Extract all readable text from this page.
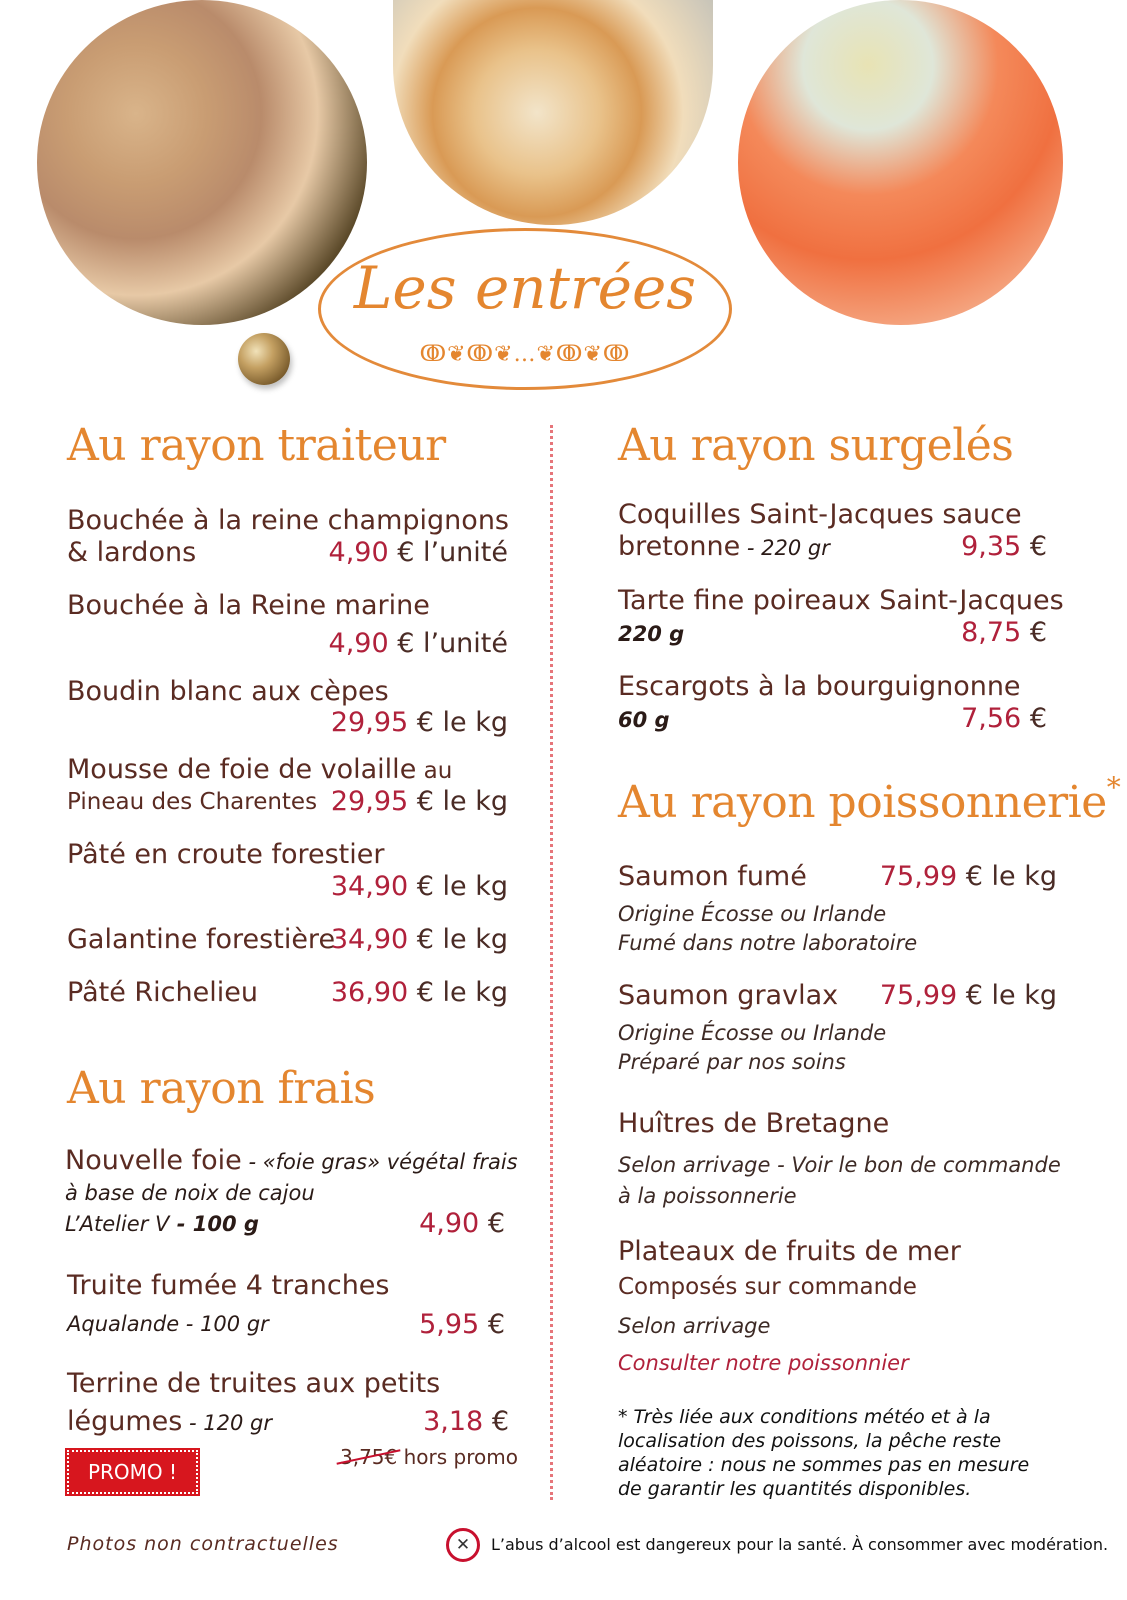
Les entrées
ↂ❦ↂ❦…❦ↂ❦ↂ
Au rayon traiteur
Bouchée à la reine champignons
& lardons	4,90 € l’unité
Bouchée à la Reine marine
4,90 € l’unité
Boudin blanc aux cèpes
29,95 € le kg
Mousse de foie de volaille au
Pineau des Charentes 29,95 € le kg
Pâté en croute forestier
34,90 € le kg
Galantine forestière
34,90 € le kg
Pâté Richelieu	36,90 € le kg
Au rayon frais
Nouvelle foie - «foie gras» végétal frais
à base de noix de cajou
L’Atelier V - 100 g	4,90 €
Truite fumée 4 tranches
Aqualande - 100 gr	5,95 €
Terrine de truites aux petits
légumes - 120 gr	3,18 €
3,75€ hors promo
PROMO !
Au rayon surgelés
Coquilles Saint-Jacques sauce
bretonne - 220 gr	9,35 €
Tarte fine poireaux Saint-Jacques
220 g	8,75 €
Escargots à la bourguignonne
60 g	7,56 €
Au rayon poissonnerie*
Saumon fumé	75,99 € le kg
Origine Écosse ou Irlande
Fumé dans notre laboratoire
Saumon gravlax 75,99 € le kg
Origine Écosse ou Irlande
Préparé par nos soins
Huîtres de Bretagne
Selon arrivage - Voir le bon de commande
à la poissonnerie
Plateaux de fruits de mer
Composés sur commande
Selon arrivage
Consulter notre poissonnier
* Très liée aux conditions météo et à la localisation des poissons, la pêche reste aléatoire : nous ne sommes pas en mesure de garantir les quantités disponibles.
Photos non contractuelles	✕	L’abus d’alcool est dangereux pour la santé. À consommer avec modération.
